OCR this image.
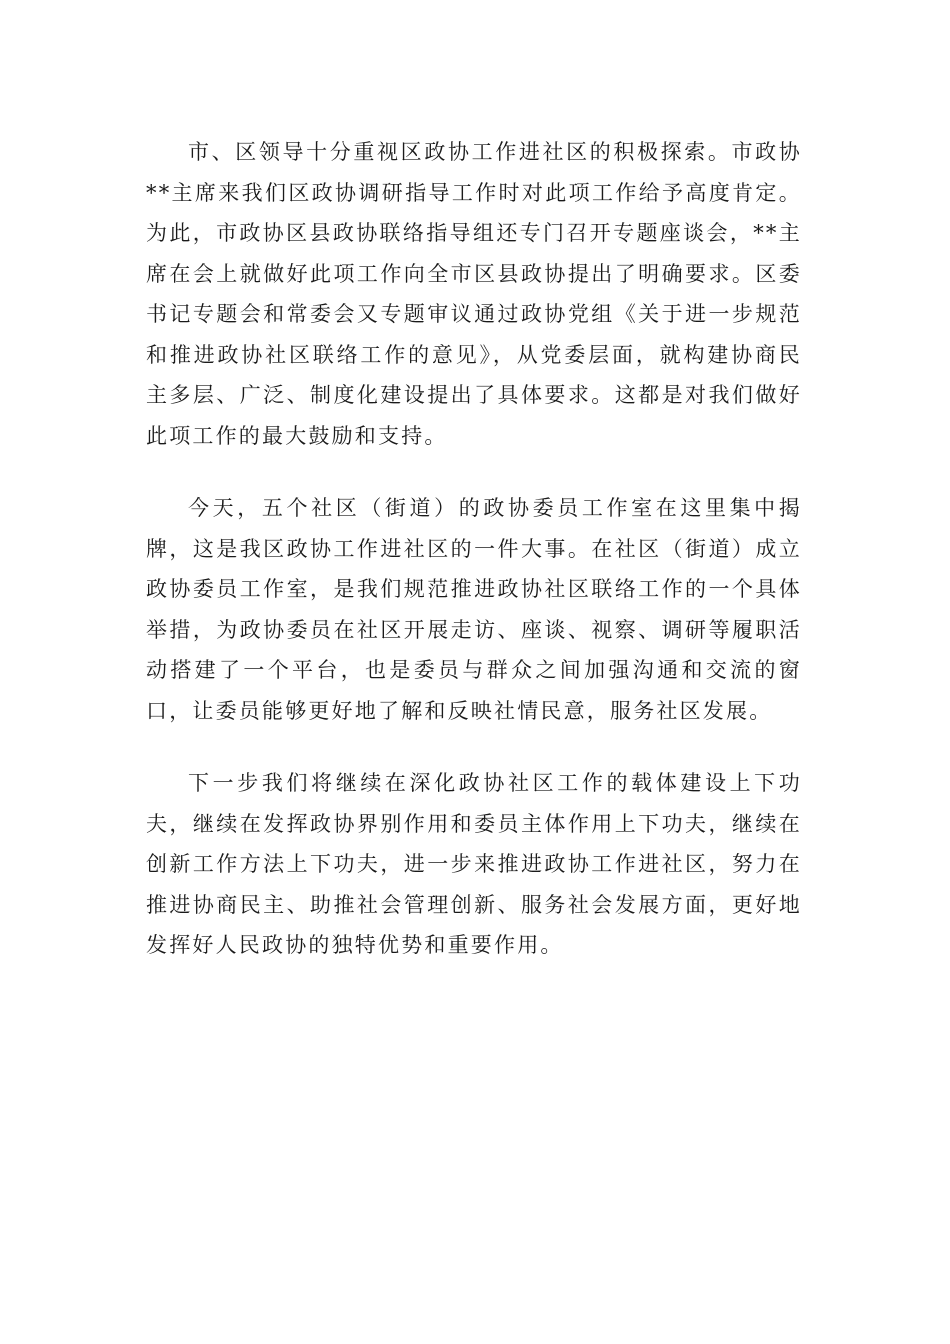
市、区领导十分重视区政协工作进社区的积极探索。市政协**主席来我们区政协调研指导工作时对此项工作给予高度肯定。为此，市政协区县政协联络指导组还专门召开专题座谈会，**主席在会上就做好此项工作向全市区县政协提出了明确要求。区委书记专题会和常委会又专题审议通过政协党组《关于进一步规范和推进政协社区联络工作的意见》，从党委层面，就构建协商民主多层、广泛、制度化建设提出了具体要求。这都是对我们做好此项工作的最大鼓励和支持。

今天，五个社区（街道）的政协委员工作室在这里集中揭牌，这是我区政协工作进社区的一件大事。在社区（街道）成立政协委员工作室，是我们规范推进政协社区联络工作的一个具体举措，为政协委员在社区开展走访、座谈、视察、调研等履职活动搭建了一个平台，也是委员与群众之间加强沟通和交流的窗口，让委员能够更好地了解和反映社情民意，服务社区发展。

下一步我们将继续在深化政协社区工作的载体建设上下功夫，继续在发挥政协界别作用和委员主体作用上下功夫，继续在创新工作方法上下功夫，进一步来推进政协工作进社区，努力在推进协商民主、助推社会管理创新、服务社会发展方面，更好地发挥好人民政协的独特优势和重要作用。
